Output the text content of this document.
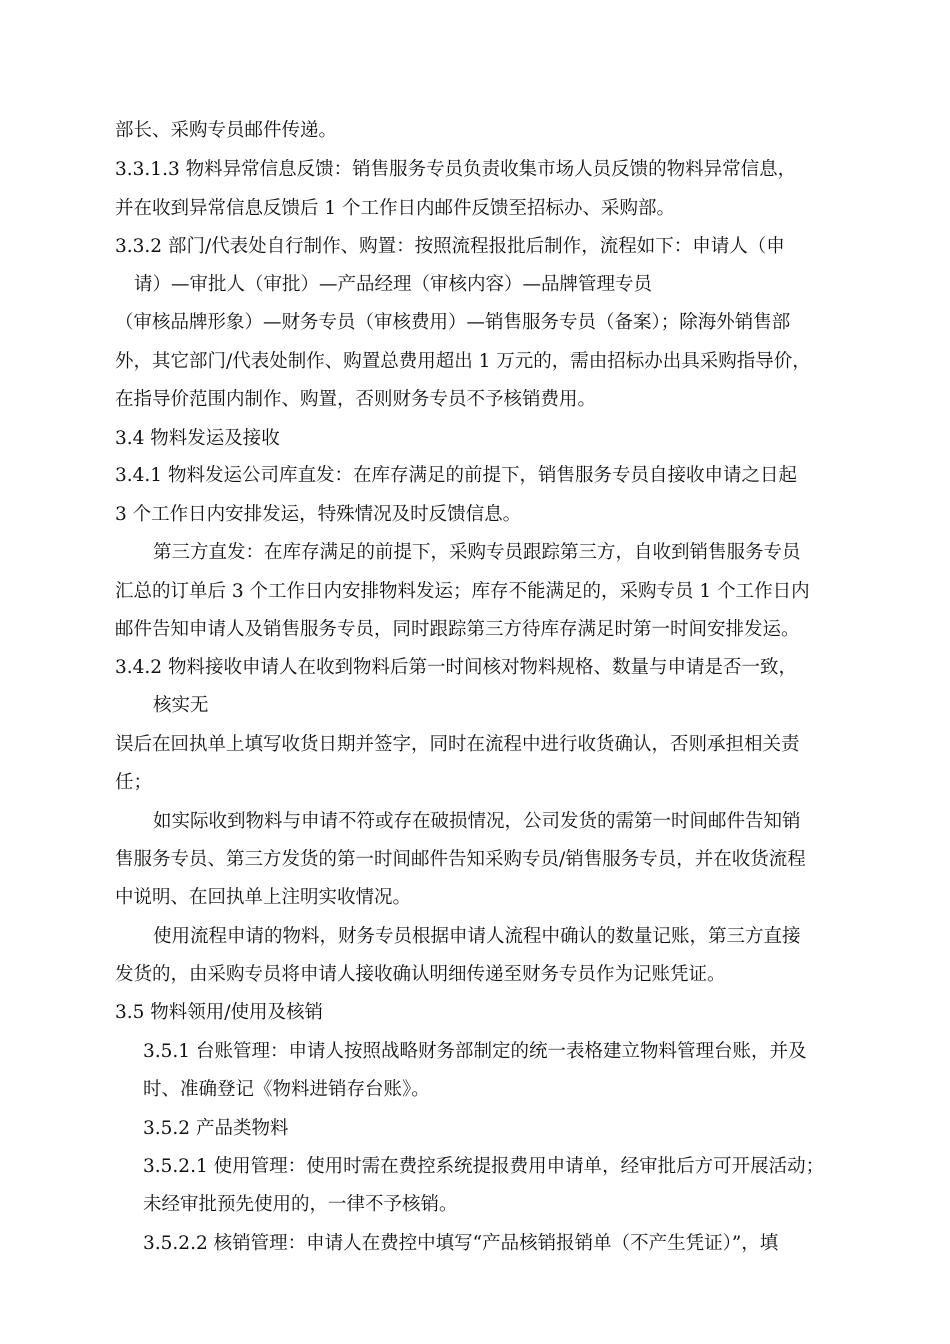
部长、采购专员邮件传递。
3.3.1.3 物料异常信息反馈：销售服务专员负责收集市场人员反馈的物料异常信息，
并在收到异常信息反馈后 1 个工作日内邮件反馈至招标办、采购部。
3.3.2 部门/代表处自行制作、购置：按照流程报批后制作，流程如下：申请人（申
请）—审批人（审批）—产品经理（审核内容）—品牌管理专员
（审核品牌形象）—财务专员（审核费用）—销售服务专员（备案）；除海外销售部
外，其它部门/代表处制作、购置总费用超出 1 万元的，需由招标办出具采购指导价，
在指导价范围内制作、购置，否则财务专员不予核销费用。
3.4 物料发运及接收
3.4.1 物料发运公司库直发：在库存满足的前提下，销售服务专员自接收申请之日起
3 个工作日内安排发运，特殊情况及时反馈信息。
第三方直发：在库存满足的前提下，采购专员跟踪第三方，自收到销售服务专员
汇总的订单后 3 个工作日内安排物料发运；库存不能满足的，采购专员 1 个工作日内
邮件告知申请人及销售服务专员，同时跟踪第三方待库存满足时第一时间安排发运。
3.4.2 物料接收申请人在收到物料后第一时间核对物料规格、数量与申请是否一致，
核实无
误后在回执单上填写收货日期并签字，同时在流程中进行收货确认，否则承担相关责
任；
如实际收到物料与申请不符或存在破损情况，公司发货的需第一时间邮件告知销
售服务专员、第三方发货的第一时间邮件告知采购专员/销售服务专员，并在收货流程
中说明、在回执单上注明实收情况。
使用流程申请的物料，财务专员根据申请人流程中确认的数量记账，第三方直接
发货的，由采购专员将申请人接收确认明细传递至财务专员作为记账凭证。
3.5 物料领用/使用及核销
3.5.1 台账管理：申请人按照战略财务部制定的统一表格建立物料管理台账，并及
时、准确登记《物料进销存台账》。
3.5.2 产品类物料
3.5.2.1 使用管理：使用时需在费控系统提报费用申请单，经审批后方可开展活动；
未经审批预先使用的，一律不予核销。
3.5.2.2 核销管理：申请人在费控中填写“产品核销报销单（不产生凭证）”，填
